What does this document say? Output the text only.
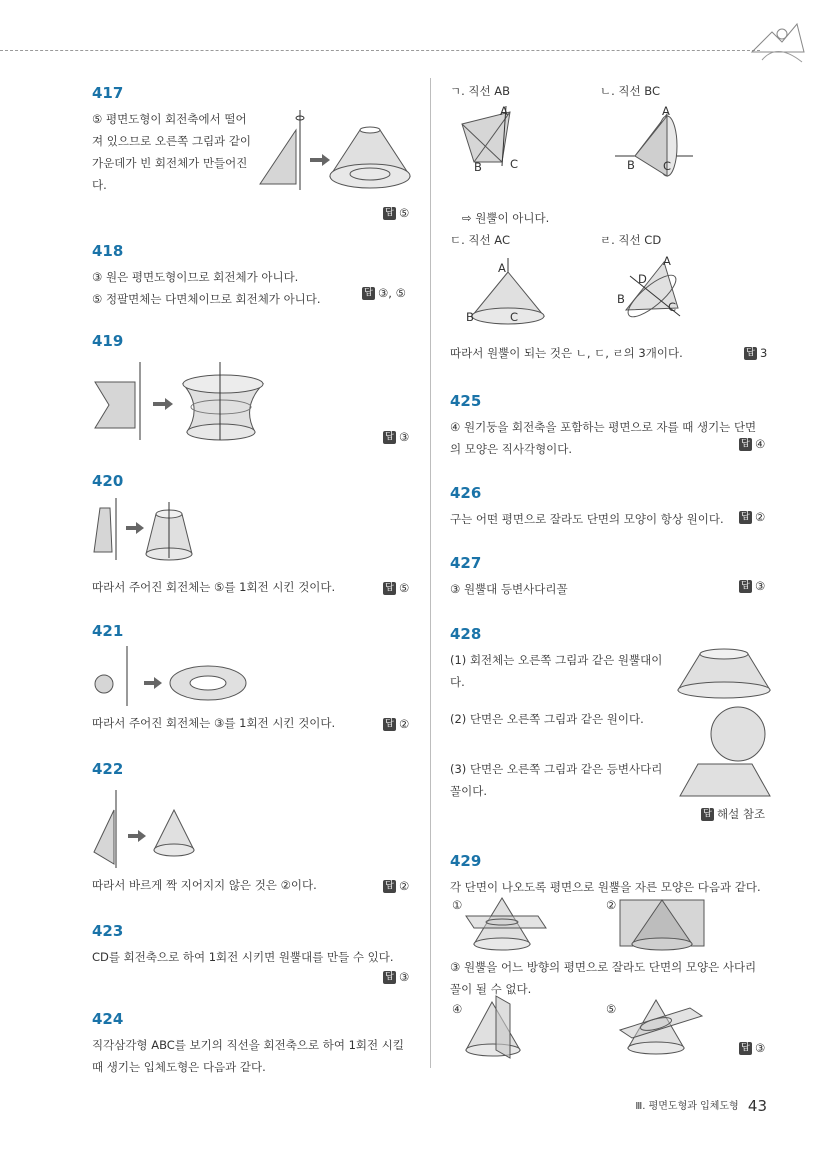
417
⑤ 평면도형이 회전축에서 떨어져 있으므로 오른쪽 그림과 같이 가운데가 빈 회전체가 만들어진다.
답 ⑤
418
③ 원은 평면도형이므로 회전체가 아니다.
⑤ 정팔면체는 다면체이므로 회전체가 아니다.	답 ③, ⑤
419
답 ③
420
따라서 주어진 회전체는 ⑤를 1회전 시킨 것이다.	답 ⑤
421
따라서 주어진 회전체는 ③를 1회전 시킨 것이다.	답 ②
422
따라서 바르게 짝 지어지지 않은 것은 ②이다.	답 ②
423
CD를 회전축으로 하여 1회전 시키면 원뿔대를 만들 수 있다.
답 ③
424
직각삼각형 ABC를 보기의 직선을 회전축으로 하여 1회전 시킬 때 생기는 입체도형은 다음과 같다.
ㄱ. 직선 AB	ㄴ. 직선 BC
A
B C
A
B C
⇨ 원뿔이 아니다.
ㄷ. 직선 AC	ㄹ. 직선 CD
A
B	C
A
D
B
C
따라서 원뿔이 되는 것은 ㄴ, ㄷ, ㄹ의 3개이다.	답 3
425
④ 원기둥을 회전축을 포함하는 평면으로 자를 때 생기는 단면의 모양은 직사각형이다.	답 ④
426
구는 어떤 평면으로 잘라도 단면의 모양이 항상 원이다.	답 ②
427
③ 원뿔대 등변사다리꼴	답 ③
428
(1) 회전체는 오른쪽 그림과 같은 원뿔대이다.
(2) 단면은 오른쪽 그림과 같은 원이다.
(3) 단면은 오른쪽 그림과 같은 등변사다리꼴이다.
답 해설 참조
429
각 단면이 나오도록 평면으로 원뿔을 자른 모양은 다음과 같다.
①	②
③ 원뿔을 어느 방향의 평면으로 잘라도 단면의 모양은 사다리꼴이 될 수 없다.
④	⑤
답 ③
Ⅲ. 평면도형과 입체도형 43
